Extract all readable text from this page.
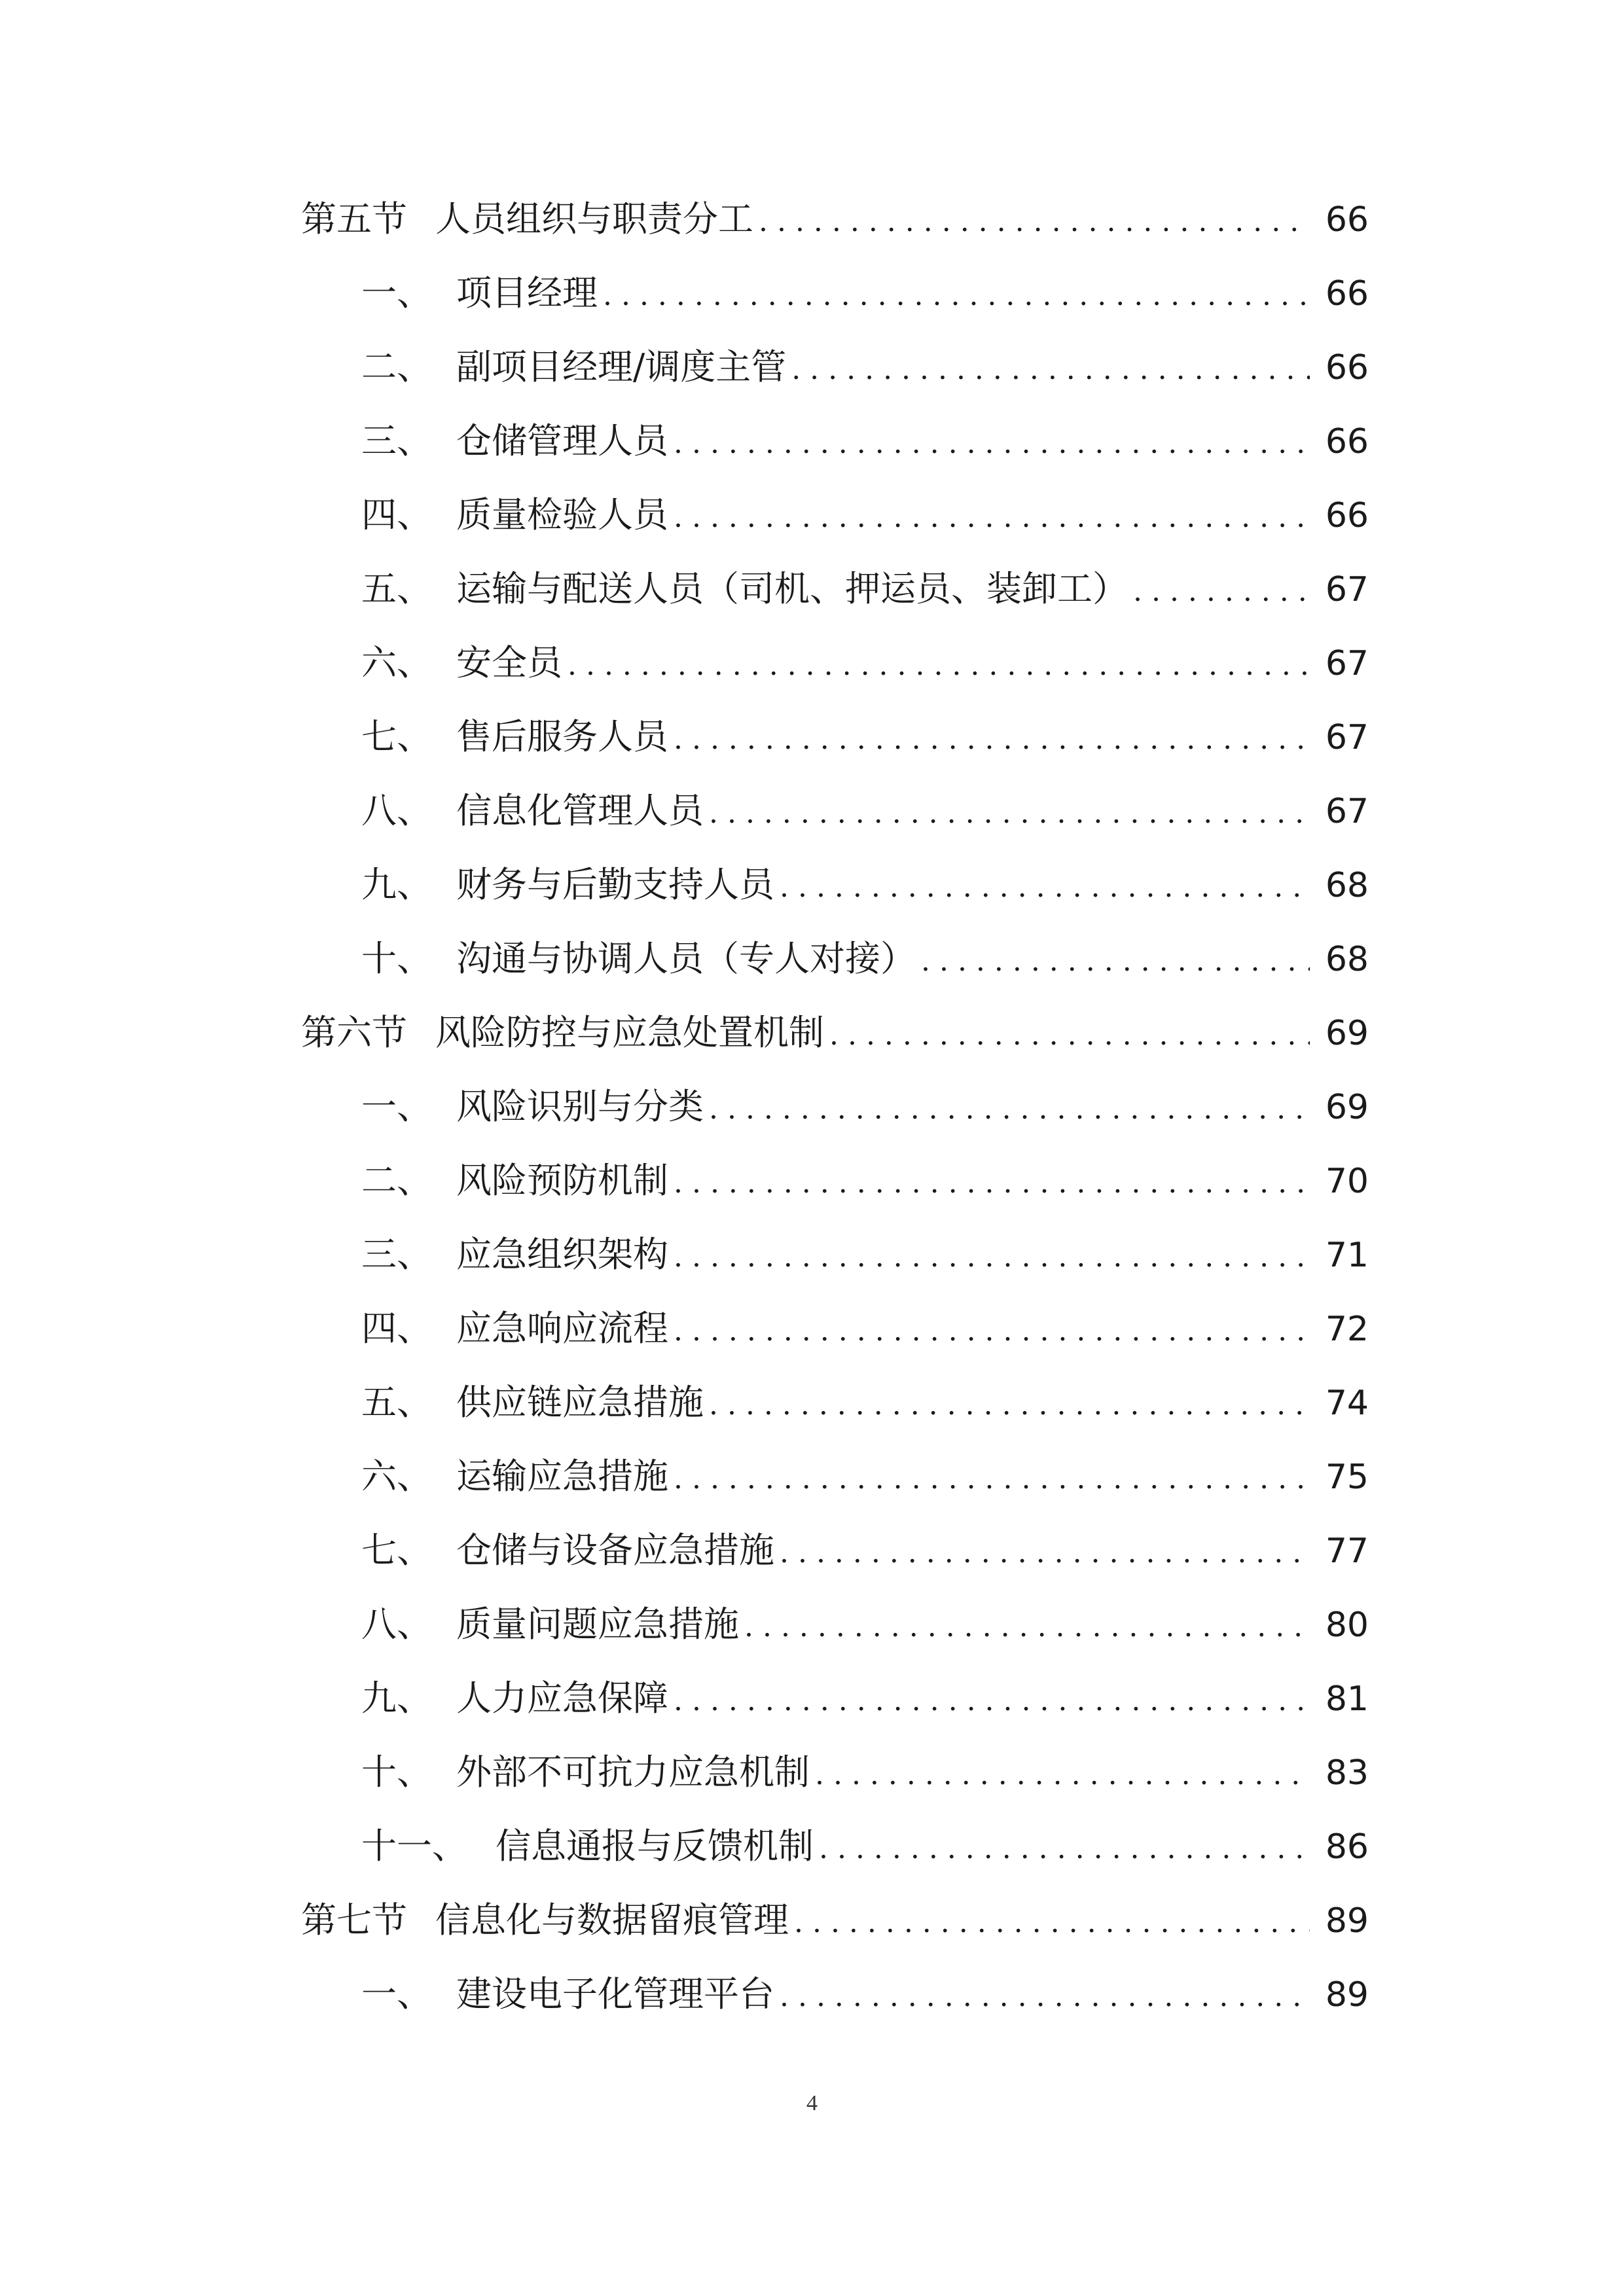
第五节 人员组织与职责分工 . . .	66
一、 项目经理 . . .	66
二、 副项目经理/调度主管 . . .	66
三、 仓储管理人员 . . .	66
四、 质量检验人员 . . .	66
五、 运输与配送人员（司机、押运员、装卸工） . . .	67
六、 安全员 . . .	67
七、 售后服务人员 . . .	67
八、 信息化管理人员 . . .	67
九、 财务与后勤支持人员 . . .	68
十、 沟通与协调人员（专人对接） . . .	68
第六节 风险防控与应急处置机制 . . .	69
一、 风险识别与分类 . . .	69
二、 风险预防机制 . . .	70
三、 应急组织架构 . . .	71
四、 应急响应流程 . . .	72
五、 供应链应急措施 . . .	74
六、 运输应急措施 . . .	75
七、 仓储与设备应急措施 . . .	77
八、 质量问题应急措施 . . .	80
九、 人力应急保障 . . .	81
十、 外部不可抗力应急机制 . . .	83
十一、 信息通报与反馈机制 . . .	86
第七节 信息化与数据留痕管理 . . .	89
一、 建设电子化管理平台 . . .	89
4
